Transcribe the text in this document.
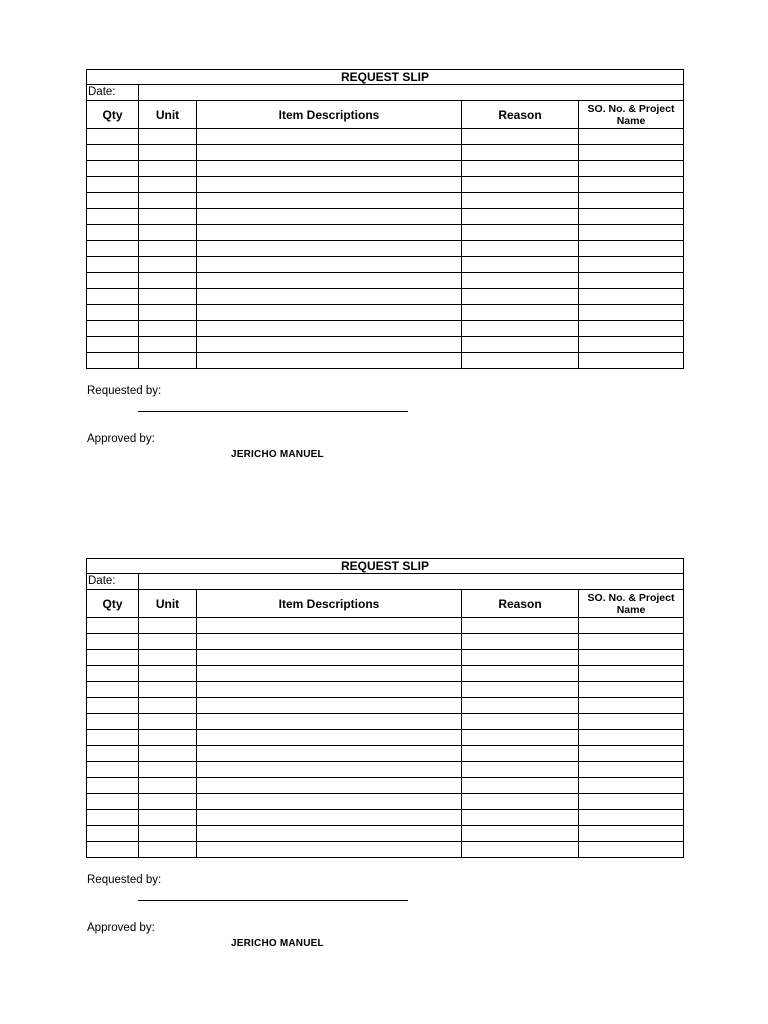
REQUEST SLIP				
Date:				
Qty	Unit	Item Descriptions	Reason	SO. No. & Project Name

Requested by:
Approved by:
JERICHO MANUEL
REQUEST SLIP				
Date:				
Qty	Unit	Item Descriptions	Reason	SO. No. & Project Name

Requested by:
Approved by:
JERICHO MANUEL
